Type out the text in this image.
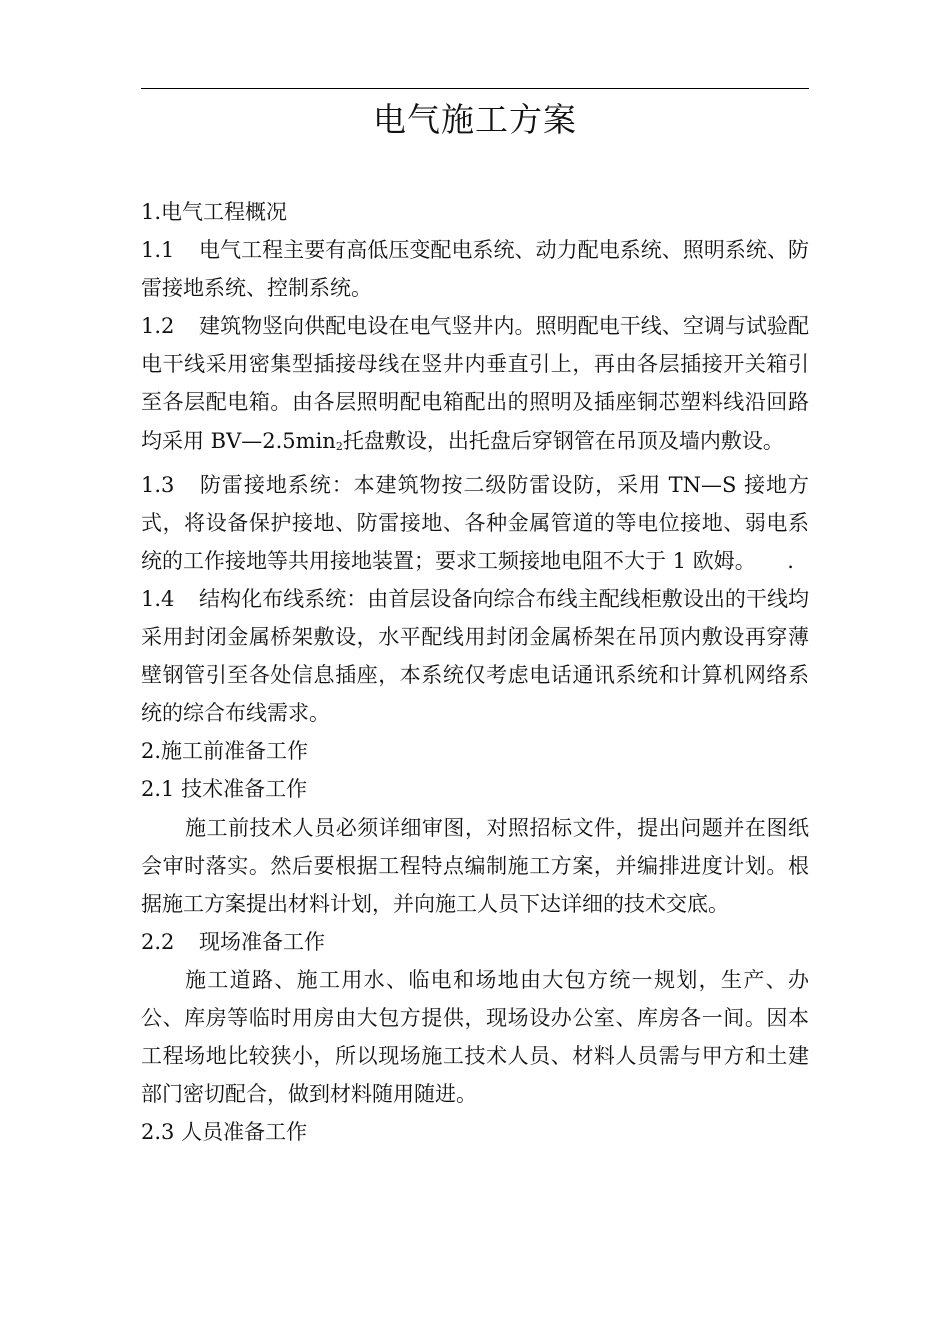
电气施工方案

1.电气工程概况

1.1 电气工程主要有高低压变配电系统、动力配电系统、照明系统、防雷接地系统、控制系统。

1.2 建筑物竖向供配电设在电气竖井内。照明配电干线、空调与试验配电干线采用密集型插接母线在竖井内垂直引上，再由各层插接开关箱引至各层配电箱。由各层照明配电箱配出的照明及插座铜芯塑料线沿回路均采用 $BV—2.5\min_2$托盘敷设，出托盘后穿钢管在吊顶及墙内敷设。

1.3 防雷接地系统：本建筑物按二级防雷设防，采用 TN—S 接地方式，将设备保护接地、防雷接地、各种金属管道的等电位接地、弱电系统的工作接地等共用接地装置；要求工频接地电阻不大于 1 欧姆。　　.

1.4 结构化布线系统：由首层设备向综合布线主配线柜敷设出的干线均采用封闭金属桥架敷设，水平配线用封闭金属桥架在吊顶内敷设再穿薄壁钢管引至各处信息插座，本系统仅考虑电话通讯系统和计算机网络系统的综合布线需求。

2.施工前准备工作

2.1 技术准备工作

施工前技术人员必须详细审图，对照招标文件，提出问题并在图纸会审时落实。然后要根据工程特点编制施工方案，并编排进度计划。根据施工方案提出材料计划，并向施工人员下达详细的技术交底。

2.2 现场准备工作

施工道路、施工用水、临电和场地由大包方统一规划，生产、办公、库房等临时用房由大包方提供，现场设办公室、库房各一间。因本工程场地比较狭小，所以现场施工技术人员、材料人员需与甲方和土建部门密切配合，做到材料随用随进。

2.3 人员准备工作
